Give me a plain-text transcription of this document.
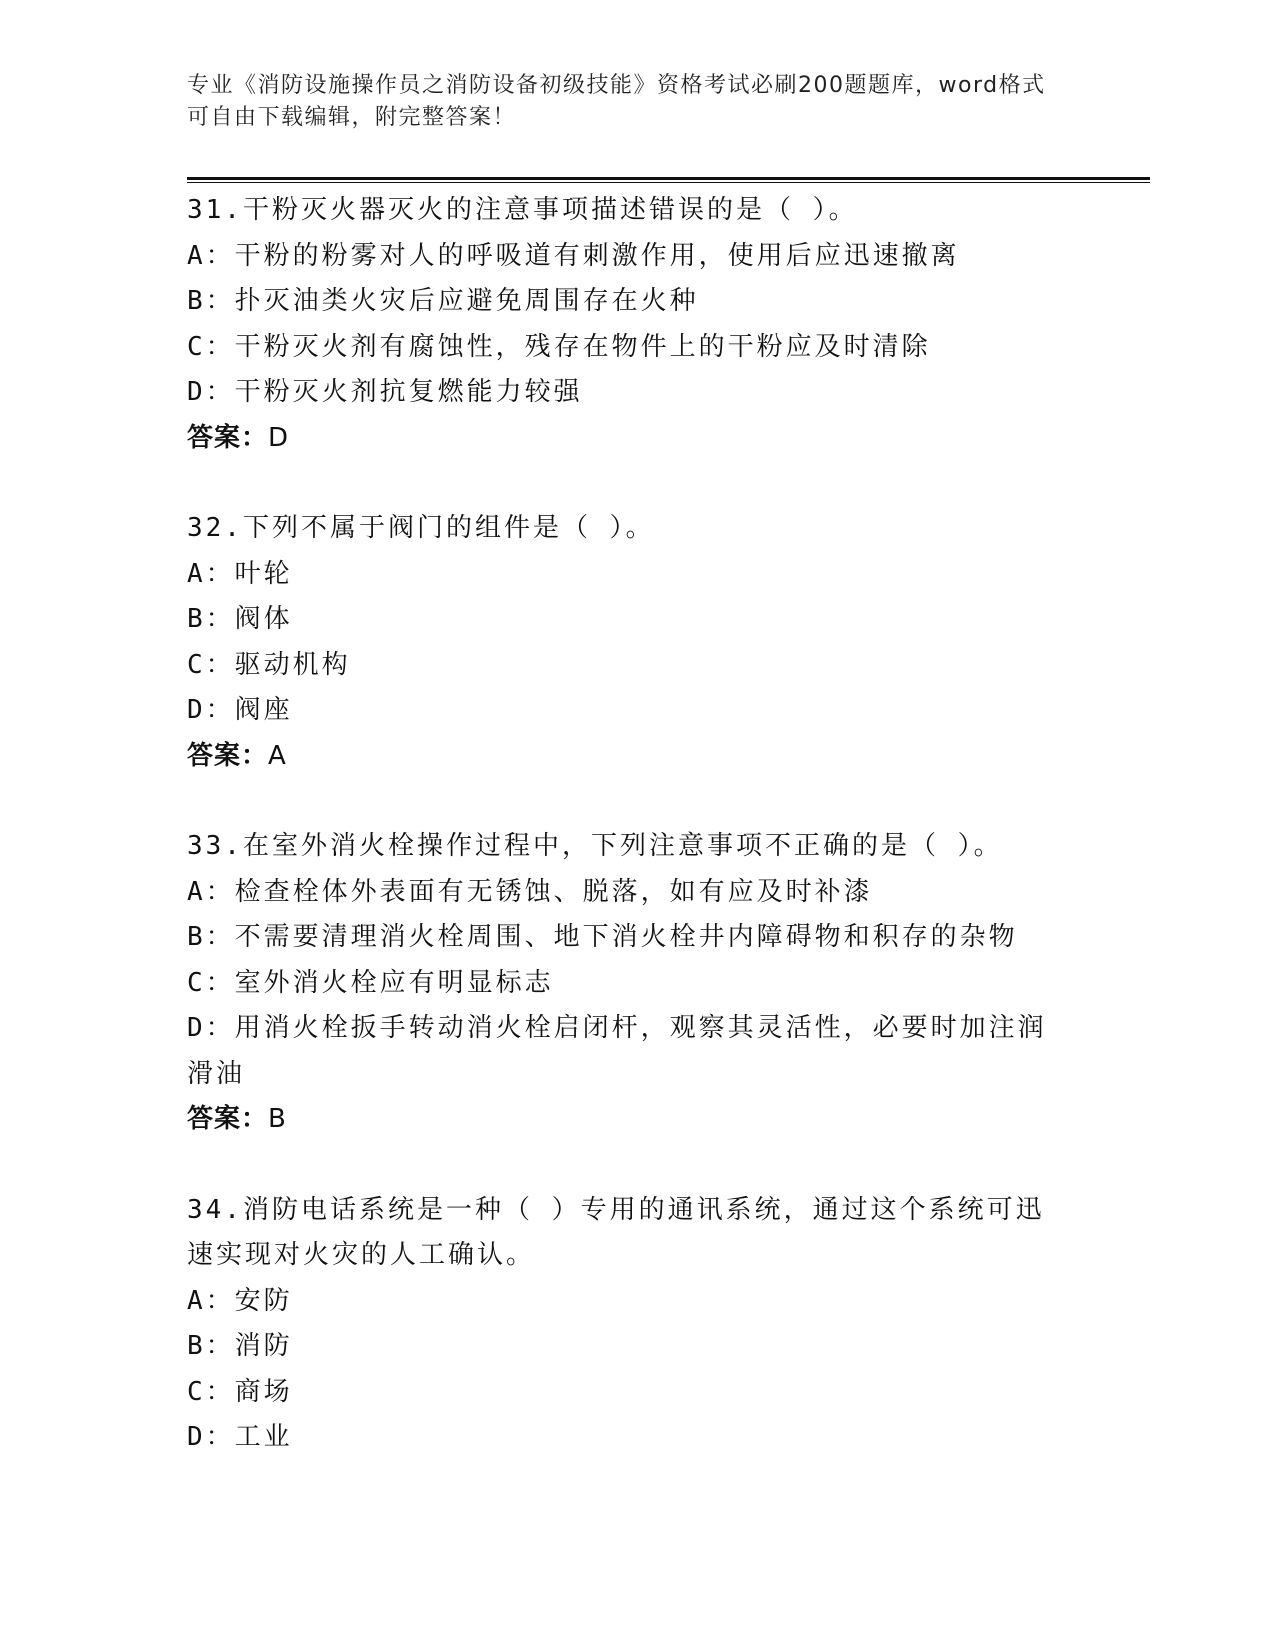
专业《消防设施操作员之消防设备初级技能》资格考试必刷200题题库，word格式可自由下载编辑，附完整答案！
31.干粉灭火器灭火的注意事项描述错误的是（ ）。
A：干粉的粉雾对人的呼吸道有刺激作用，使用后应迅速撤离
B：扑灭油类火灾后应避免周围存在火种
C：干粉灭火剂有腐蚀性，残存在物件上的干粉应及时清除
D：干粉灭火剂抗复燃能力较强
答案：D
32.下列不属于阀门的组件是（ ）。
A：叶轮
B：阀体
C：驱动机构
D：阀座
答案：A
33.在室外消火栓操作过程中，下列注意事项不正确的是（ ）。
A：检查栓体外表面有无锈蚀、脱落，如有应及时补漆
B：不需要清理消火栓周围、地下消火栓井内障碍物和积存的杂物
C：室外消火栓应有明显标志
D：用消火栓扳手转动消火栓启闭杆，观察其灵活性，必要时加注润滑油
答案：B
34.消防电话系统是一种（ ）专用的通讯系统，通过这个系统可迅速实现对火灾的人工确认。
A：安防
B：消防
C：商场
D：工业
